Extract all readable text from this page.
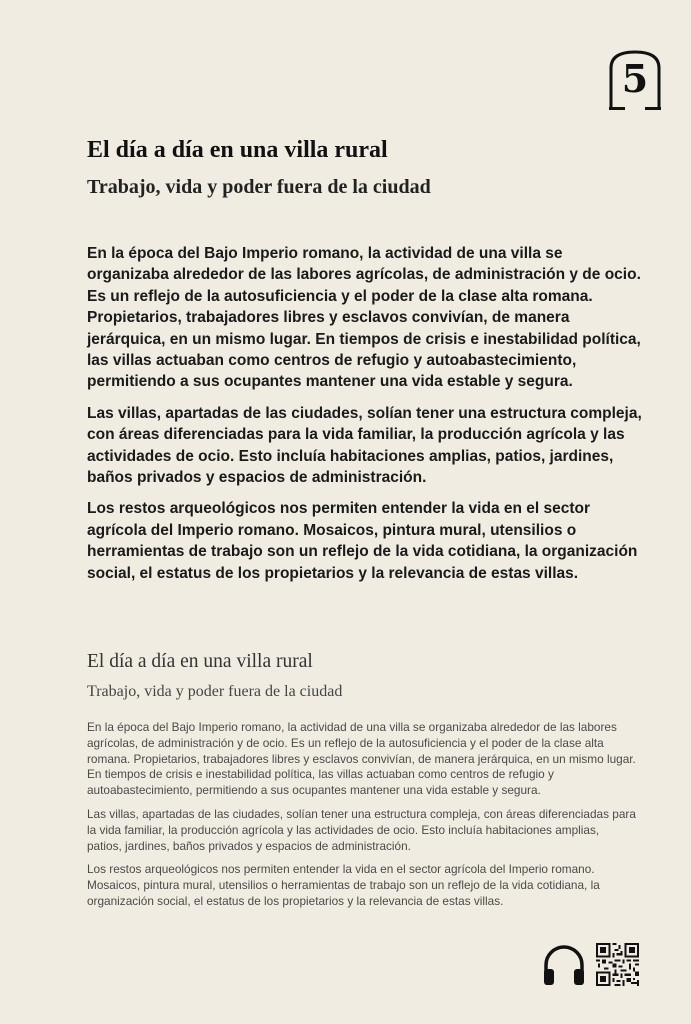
5
El día a día en una villa rural
Trabajo, vida y poder fuera de la ciudad

En la época del Bajo Imperio romano, la actividad de una villa se organizaba alrededor de las labores agrícolas, de administración y de ocio. Es un reflejo de la autosuficiencia y el poder de la clase alta romana. Propietarios, trabajadores libres y esclavos convivían, de manera jerárquica, en un mismo lugar. En tiempos de crisis e inestabilidad política, las villas actuaban como centros de refugio y autoabastecimiento, permitiendo a sus ocupantes mantener una vida estable y segura.

Las villas, apartadas de las ciudades, solían tener una estructura compleja, con áreas diferenciadas para la vida familiar, la producción agrícola y las actividades de ocio. Esto incluía habitaciones amplias, patios, jardines, baños privados y espacios de administración.

Los restos arqueológicos nos permiten entender la vida en el sector agrícola del Imperio romano. Mosaicos, pintura mural, utensilios o herramientas de trabajo son un reflejo de la vida cotidiana, la organización social, el estatus de los propietarios y la relevancia de estas villas.

El día a día en una villa rural
Trabajo, vida y poder fuera de la ciudad

En la época del Bajo Imperio romano, la actividad de una villa se organizaba alrededor de las labores agrícolas, de administración y de ocio. Es un reflejo de la autosuficiencia y el poder de la clase alta romana. Propietarios, trabajadores libres y esclavos convivían, de manera jerárquica, en un mismo lugar. En tiempos de crisis e inestabilidad política, las villas actuaban como centros de refugio y autoabastecimiento, permitiendo a sus ocupantes mantener una vida estable y segura.

Las villas, apartadas de las ciudades, solían tener una estructura compleja, con áreas diferenciadas para la vida familiar, la producción agrícola y las actividades de ocio. Esto incluía habitaciones amplias, patios, jardines, baños privados y espacios de administración.

Los restos arqueológicos nos permiten entender la vida en el sector agrícola del Imperio romano. Mosaicos, pintura mural, utensilios o herramientas de trabajo son un reflejo de la vida cotidiana, la organización social, el estatus de los propietarios y la relevancia de estas villas.
